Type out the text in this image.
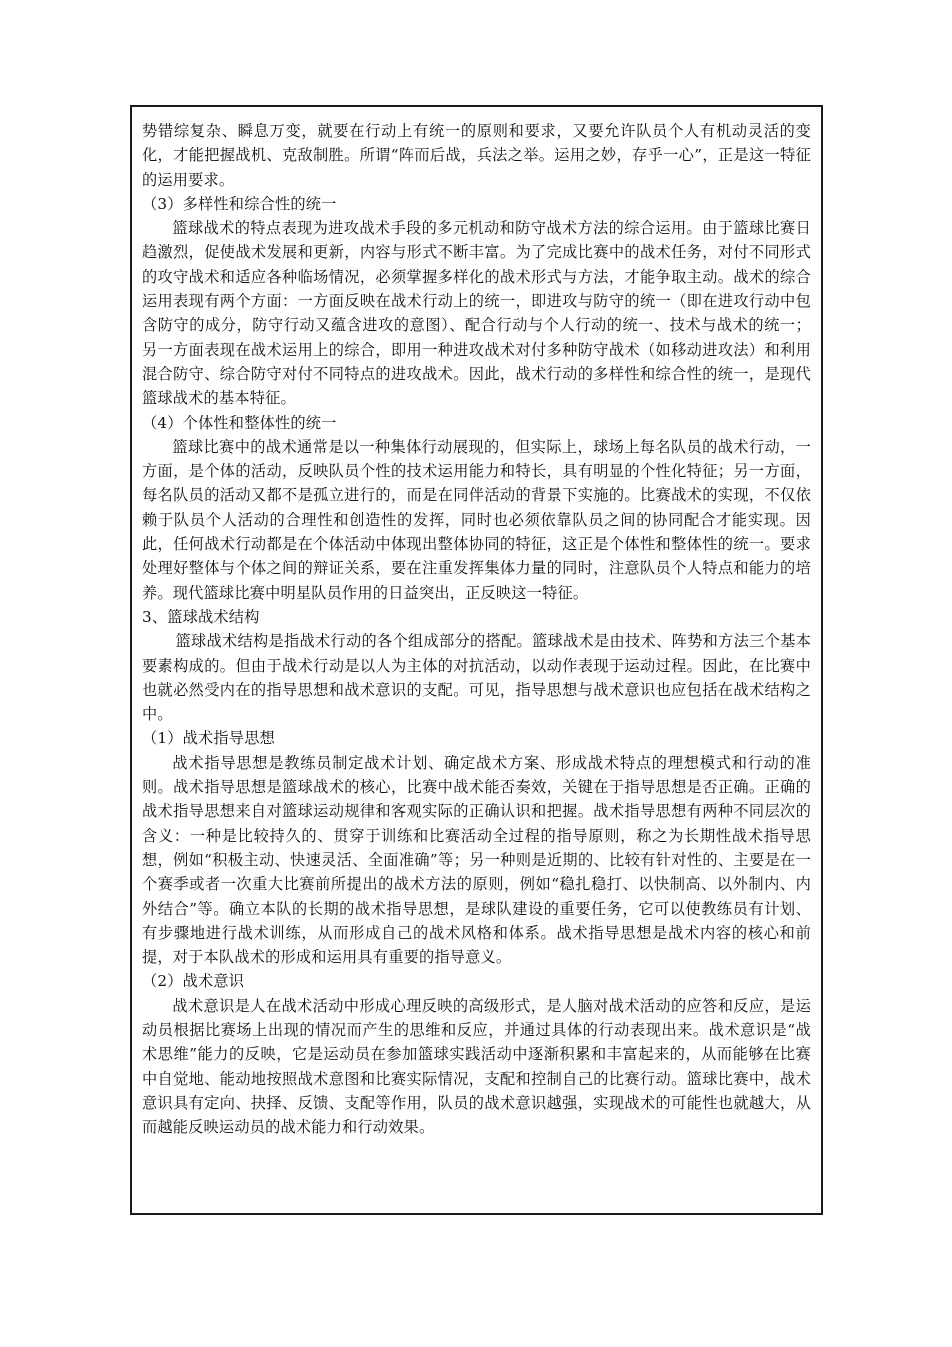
势错综复杂、瞬息万变，就要在行动上有统一的原则和要求，又要允许队员个人有机动灵活的变化，才能把握战机、克敌制胜。所谓“阵而后战，兵法之举。运用之妙，存乎一心”，正是这一特征的运用要求。
（3）多样性和综合性的统一
篮球战术的特点表现为进攻战术手段的多元机动和防守战术方法的综合运用。由于篮球比赛日趋激烈，促使战术发展和更新，内容与形式不断丰富。为了完成比赛中的战术任务，对付不同形式的攻守战术和适应各种临场情况，必须掌握多样化的战术形式与方法，才能争取主动。战术的综合运用表现有两个方面：一方面反映在战术行动上的统一，即进攻与防守的统一（即在进攻行动中包含防守的成分，防守行动又蕴含进攻的意图）、配合行动与个人行动的统一、技术与战术的统一；另一方面表现在战术运用上的综合，即用一种进攻战术对付多种防守战术（如移动进攻法）和利用混合防守、综合防守对付不同特点的进攻战术。因此，战术行动的多样性和综合性的统一，是现代篮球战术的基本特征。
（4）个体性和整体性的统一
篮球比赛中的战术通常是以一种集体行动展现的，但实际上，球场上每名队员的战术行动，一方面，是个体的活动，反映队员个性的技术运用能力和特长，具有明显的个性化特征；另一方面，每名队员的活动又都不是孤立进行的，而是在同伴活动的背景下实施的。比赛战术的实现，不仅依赖于队员个人活动的合理性和创造性的发挥，同时也必须依靠队员之间的协同配合才能实现。因此，任何战术行动都是在个体活动中体现出整体协同的特征，这正是个体性和整体性的统一。要求处理好整体与个体之间的辩证关系，要在注重发挥集体力量的同时，注意队员个人特点和能力的培养。现代篮球比赛中明星队员作用的日益突出，正反映这一特征。
3、篮球战术结构
篮球战术结构是指战术行动的各个组成部分的搭配。篮球战术是由技术、阵势和方法三个基本要素构成的。但由于战术行动是以人为主体的对抗活动，以动作表现于运动过程。因此，在比赛中也就必然受内在的指导思想和战术意识的支配。可见，指导思想与战术意识也应包括在战术结构之中。
（1）战术指导思想
战术指导思想是教练员制定战术计划、确定战术方案、形成战术特点的理想模式和行动的准则。战术指导思想是篮球战术的核心，比赛中战术能否奏效，关键在于指导思想是否正确。正确的战术指导思想来自对篮球运动规律和客观实际的正确认识和把握。战术指导思想有两种不同层次的含义：一种是比较持久的、贯穿于训练和比赛活动全过程的指导原则，称之为长期性战术指导思想，例如“积极主动、快速灵活、全面准确”等；另一种则是近期的、比较有针对性的、主要是在一个赛季或者一次重大比赛前所提出的战术方法的原则，例如“稳扎稳打、以快制高、以外制内、内外结合”等。确立本队的长期的战术指导思想，是球队建设的重要任务，它可以使教练员有计划、有步骤地进行战术训练，从而形成自己的战术风格和体系。战术指导思想是战术内容的核心和前提，对于本队战术的形成和运用具有重要的指导意义。
（2）战术意识
战术意识是人在战术活动中形成心理反映的高级形式，是人脑对战术活动的应答和反应，是运动员根据比赛场上出现的情况而产生的思维和反应，并通过具体的行动表现出来。战术意识是“战术思维”能力的反映，它是运动员在参加篮球实践活动中逐渐积累和丰富起来的，从而能够在比赛中自觉地、能动地按照战术意图和比赛实际情况，支配和控制自己的比赛行动。篮球比赛中，战术意识具有定向、抉择、反馈、支配等作用，队员的战术意识越强，实现战术的可能性也就越大，从而越能反映运动员的战术能力和行动效果。
